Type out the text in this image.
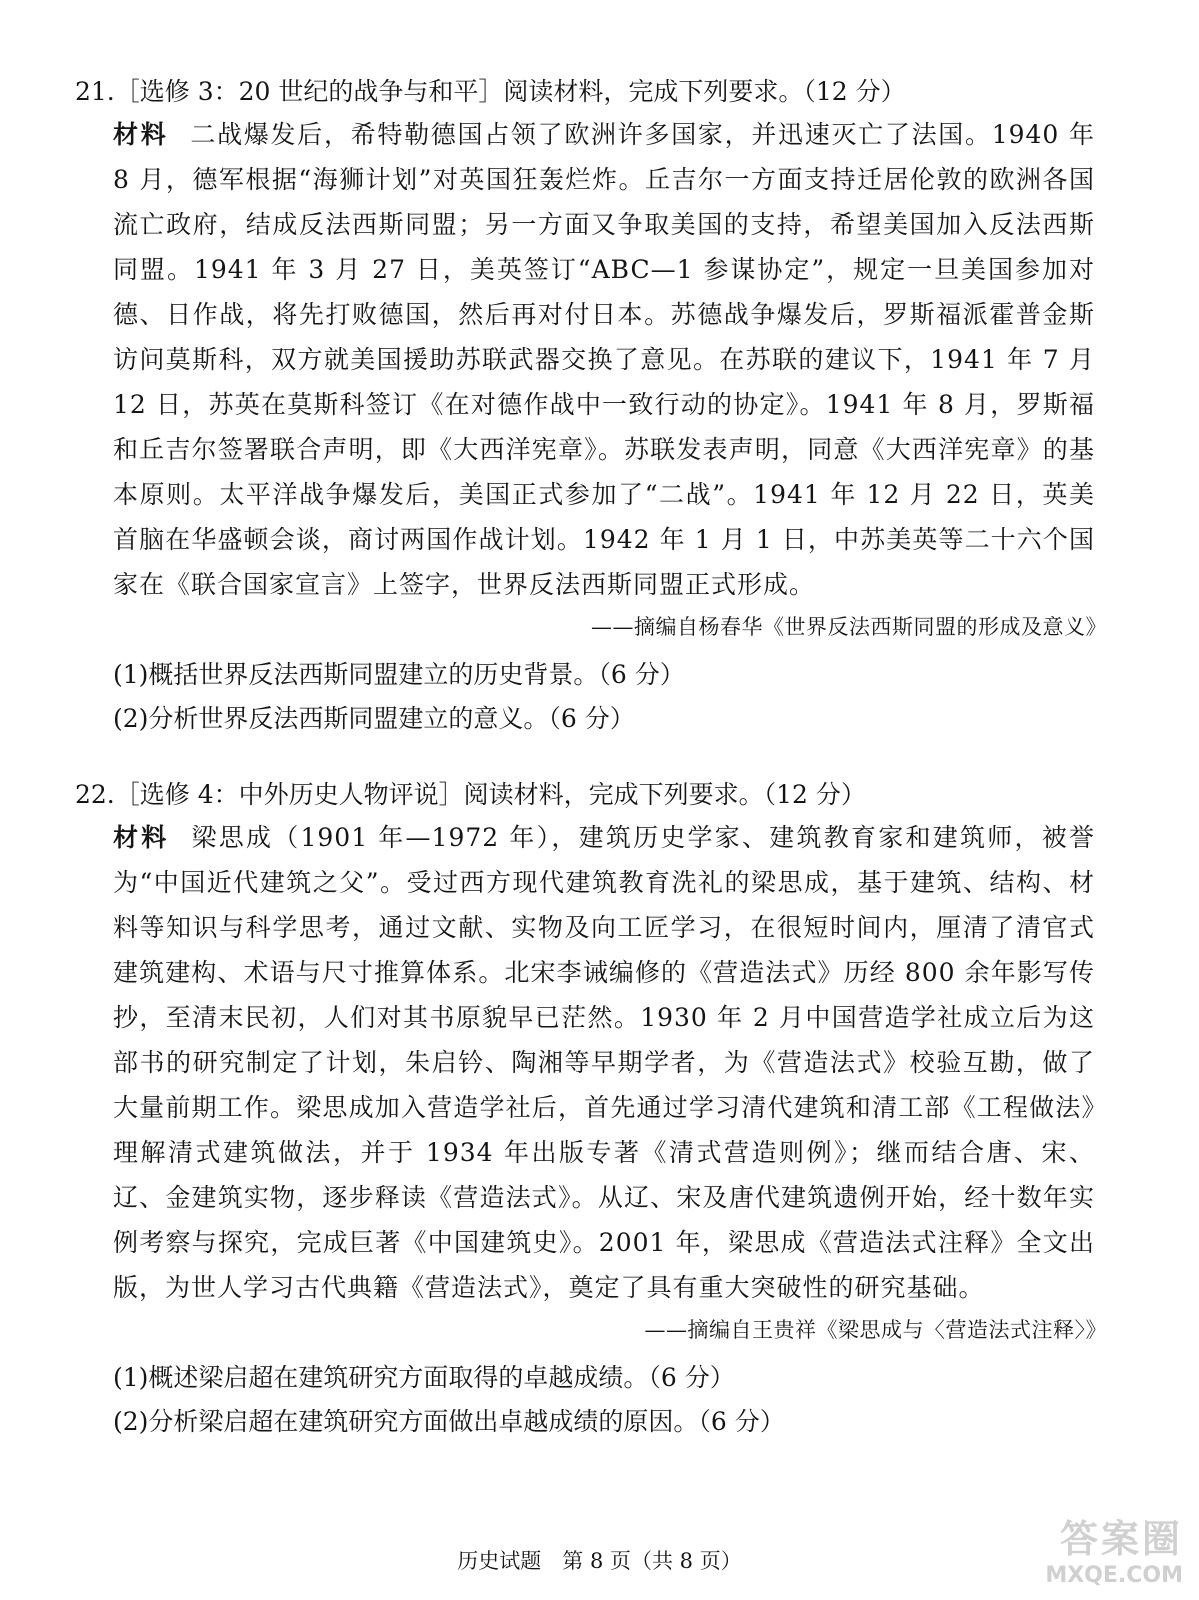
21.［选修 3：20 世纪的战争与和平］阅读材料，完成下列要求。（12 分）
材料 二战爆发后，希特勒德国占领了欧洲许多国家，并迅速灭亡了法国。1940 年 8 月，德军根据“海狮计划”对英国狂轰烂炸。丘吉尔一方面支持迁居伦敦的欧洲各国流亡政府，结成反法西斯同盟；另一方面又争取美国的支持，希望美国加入反法西斯同盟。1941 年 3 月 27 日，美英签订“ABC—1 参谋协定”，规定一旦美国参加对德、日作战，将先打败德国，然后再对付日本。苏德战争爆发后，罗斯福派霍普金斯访问莫斯科，双方就美国援助苏联武器交换了意见。在苏联的建议下，1941 年 7 月 12 日，苏英在莫斯科签订《在对德作战中一致行动的协定》。1941 年 8 月，罗斯福和丘吉尔签署联合声明，即《大西洋宪章》。苏联发表声明，同意《大西洋宪章》的基本原则。太平洋战争爆发后，美国正式参加了“二战”。1941 年 12 月 22 日，英美首脑在华盛顿会谈，商讨两国作战计划。1942 年 1 月 1 日，中苏美英等二十六个国家在《联合国家宣言》上签字，世界反法西斯同盟正式形成。
——摘编自杨春华《世界反法西斯同盟的形成及意义》
(1)概括世界反法西斯同盟建立的历史背景。（6 分）
(2)分析世界反法西斯同盟建立的意义。（6 分）
22.［选修 4：中外历史人物评说］阅读材料，完成下列要求。（12 分）
材料 梁思成（1901 年—1972 年），建筑历史学家、建筑教育家和建筑师，被誉为“中国近代建筑之父”。受过西方现代建筑教育洗礼的梁思成，基于建筑、结构、材料等知识与科学思考，通过文献、实物及向工匠学习，在很短时间内，厘清了清官式建筑建构、术语与尺寸推算体系。北宋李诫编修的《营造法式》历经 800 余年影写传抄，至清末民初，人们对其书原貌早已茫然。1930 年 2 月中国营造学社成立后为这部书的研究制定了计划，朱启钤、陶湘等早期学者，为《营造法式》校验互勘，做了大量前期工作。梁思成加入营造学社后，首先通过学习清代建筑和清工部《工程做法》理解清式建筑做法，并于 1934 年出版专著《清式营造则例》；继而结合唐、宋、辽、金建筑实物，逐步释读《营造法式》。从辽、宋及唐代建筑遗例开始，经十数年实例考察与探究，完成巨著《中国建筑史》。2001 年，梁思成《营造法式注释》全文出版，为世人学习古代典籍《营造法式》，奠定了具有重大突破性的研究基础。
——摘编自王贵祥《梁思成与〈营造法式注释〉》
(1)概述梁启超在建筑研究方面取得的卓越成绩。（6 分）
(2)分析梁启超在建筑研究方面做出卓越成绩的原因。（6 分）
历史试题　第 8 页（共 8 页）	答案圈
MXQE.COM
